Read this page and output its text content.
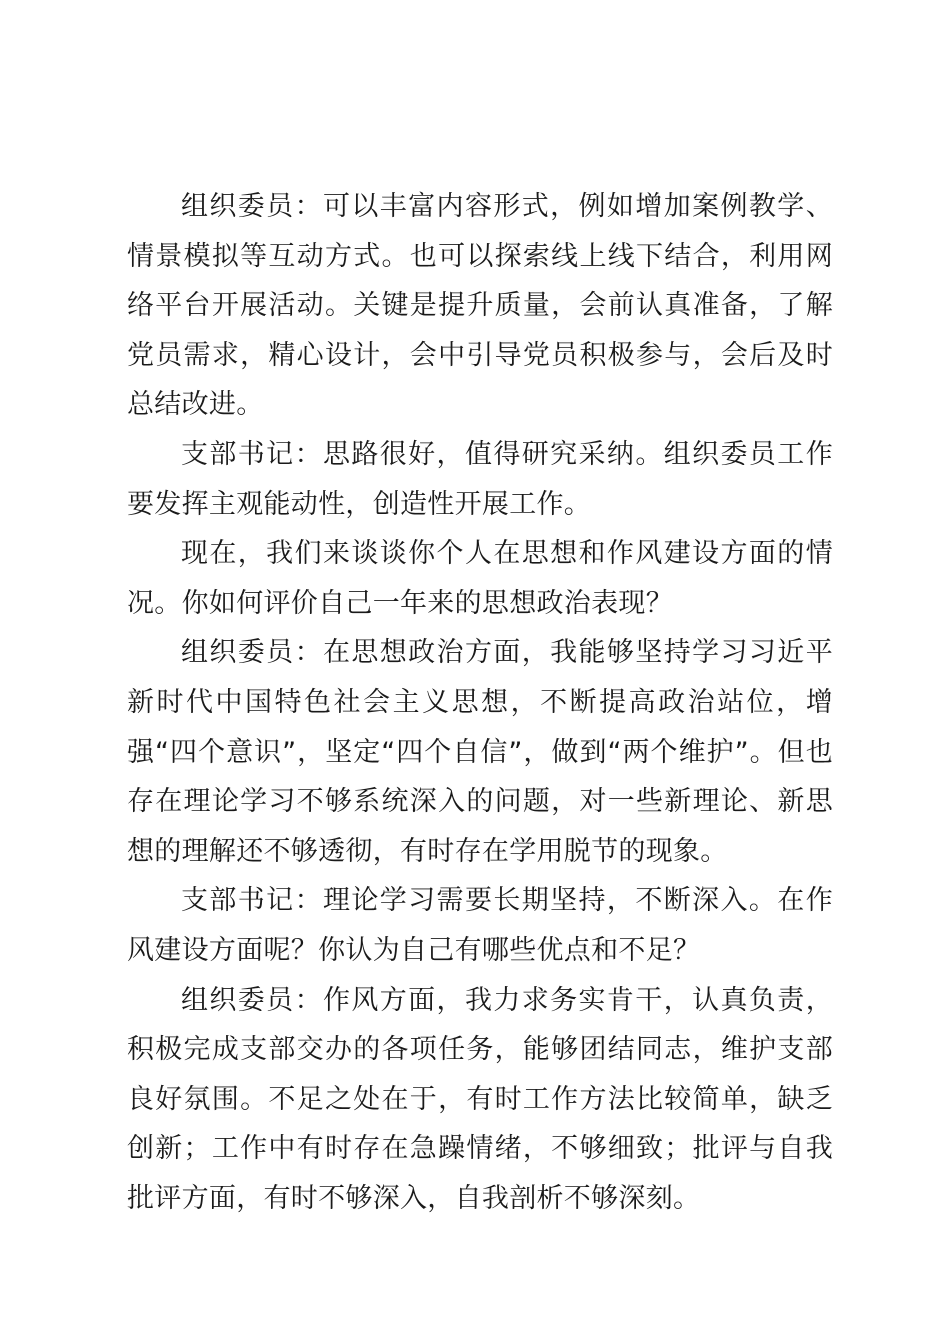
组织委员：可以丰富内容形式，例如增加案例教学、情景模拟等互动方式。也可以探索线上线下结合，利用网络平台开展活动。关键是提升质量，会前认真准备，了解党员需求，精心设计，会中引导党员积极参与，会后及时总结改进。

支部书记：思路很好，值得研究采纳。组织委员工作要发挥主观能动性，创造性开展工作。

现在，我们来谈谈你个人在思想和作风建设方面的情况。你如何评价自己一年来的思想政治表现？

组织委员：在思想政治方面，我能够坚持学习习近平新时代中国特色社会主义思想，不断提高政治站位，增强“四个意识”，坚定“四个自信”，做到“两个维护”。但也存在理论学习不够系统深入的问题，对一些新理论、新思想的理解还不够透彻，有时存在学用脱节的现象。

支部书记：理论学习需要长期坚持，不断深入。在作风建设方面呢？你认为自己有哪些优点和不足？

组织委员：作风方面，我力求务实肯干，认真负责，积极完成支部交办的各项任务，能够团结同志，维护支部良好氛围。不足之处在于，有时工作方法比较简单，缺乏创新；工作中有时存在急躁情绪，不够细致；批评与自我批评方面，有时不够深入，自我剖析不够深刻。
